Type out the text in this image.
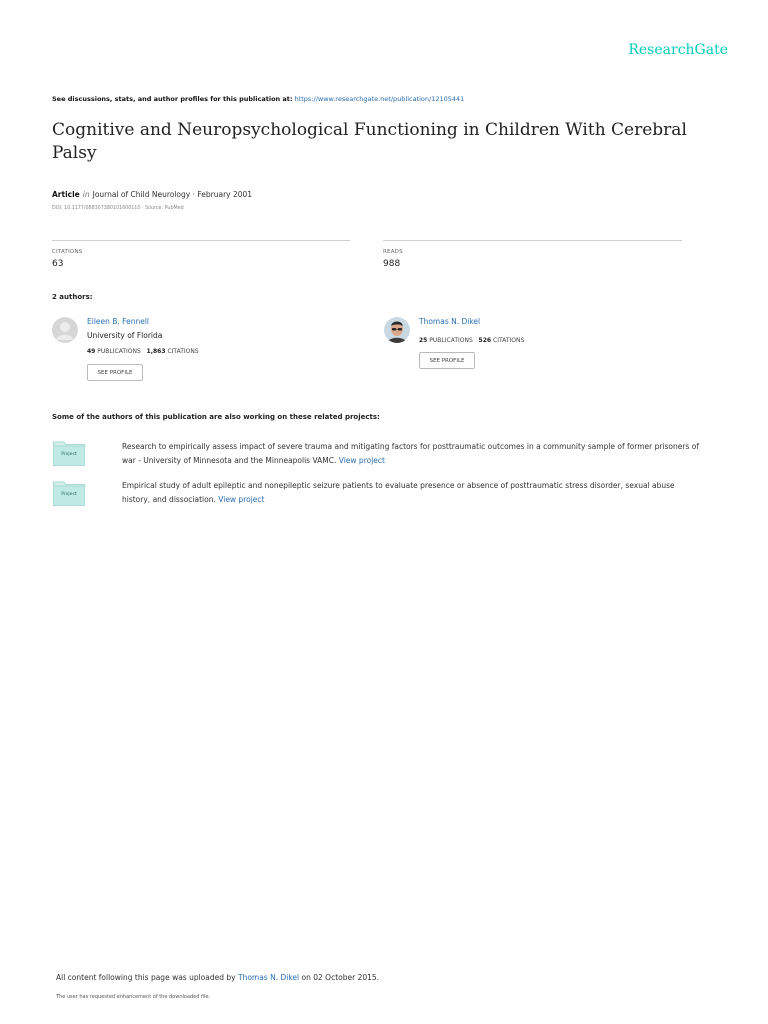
ResearchGate
See discussions, stats, and author profiles for this publication at: https://www.researchgate.net/publication/12105441
Cognitive and Neuropsychological Functioning in Children With Cerebral Palsy
Article in Journal of Child Neurology · February 2001
DOI: 10.1177/088307380101600110 · Source: PubMed
CITATIONS
63
READS
988
2 authors:
Eileen B. Fennell
University of Florida
49 PUBLICATIONS 1,863 CITATIONS
SEE PROFILE
Thomas N. Dikel
25 PUBLICATIONS 526 CITATIONS
SEE PROFILE
Some of the authors of this publication are also working on these related projects:
Project
Research to empirically assess impact of severe trauma and mitigating factors for posttraumatic outcomes in a community sample of former prisoners of war - University of Minnesota and the Minneapolis VAMC. View project
Project
Empirical study of adult epileptic and nonepileptic seizure patients to evaluate presence or absence of posttraumatic stress disorder, sexual abuse history, and dissociation. View project
All content following this page was uploaded by Thomas N. Dikel on 02 October 2015.
The user has requested enhancement of the downloaded file.
